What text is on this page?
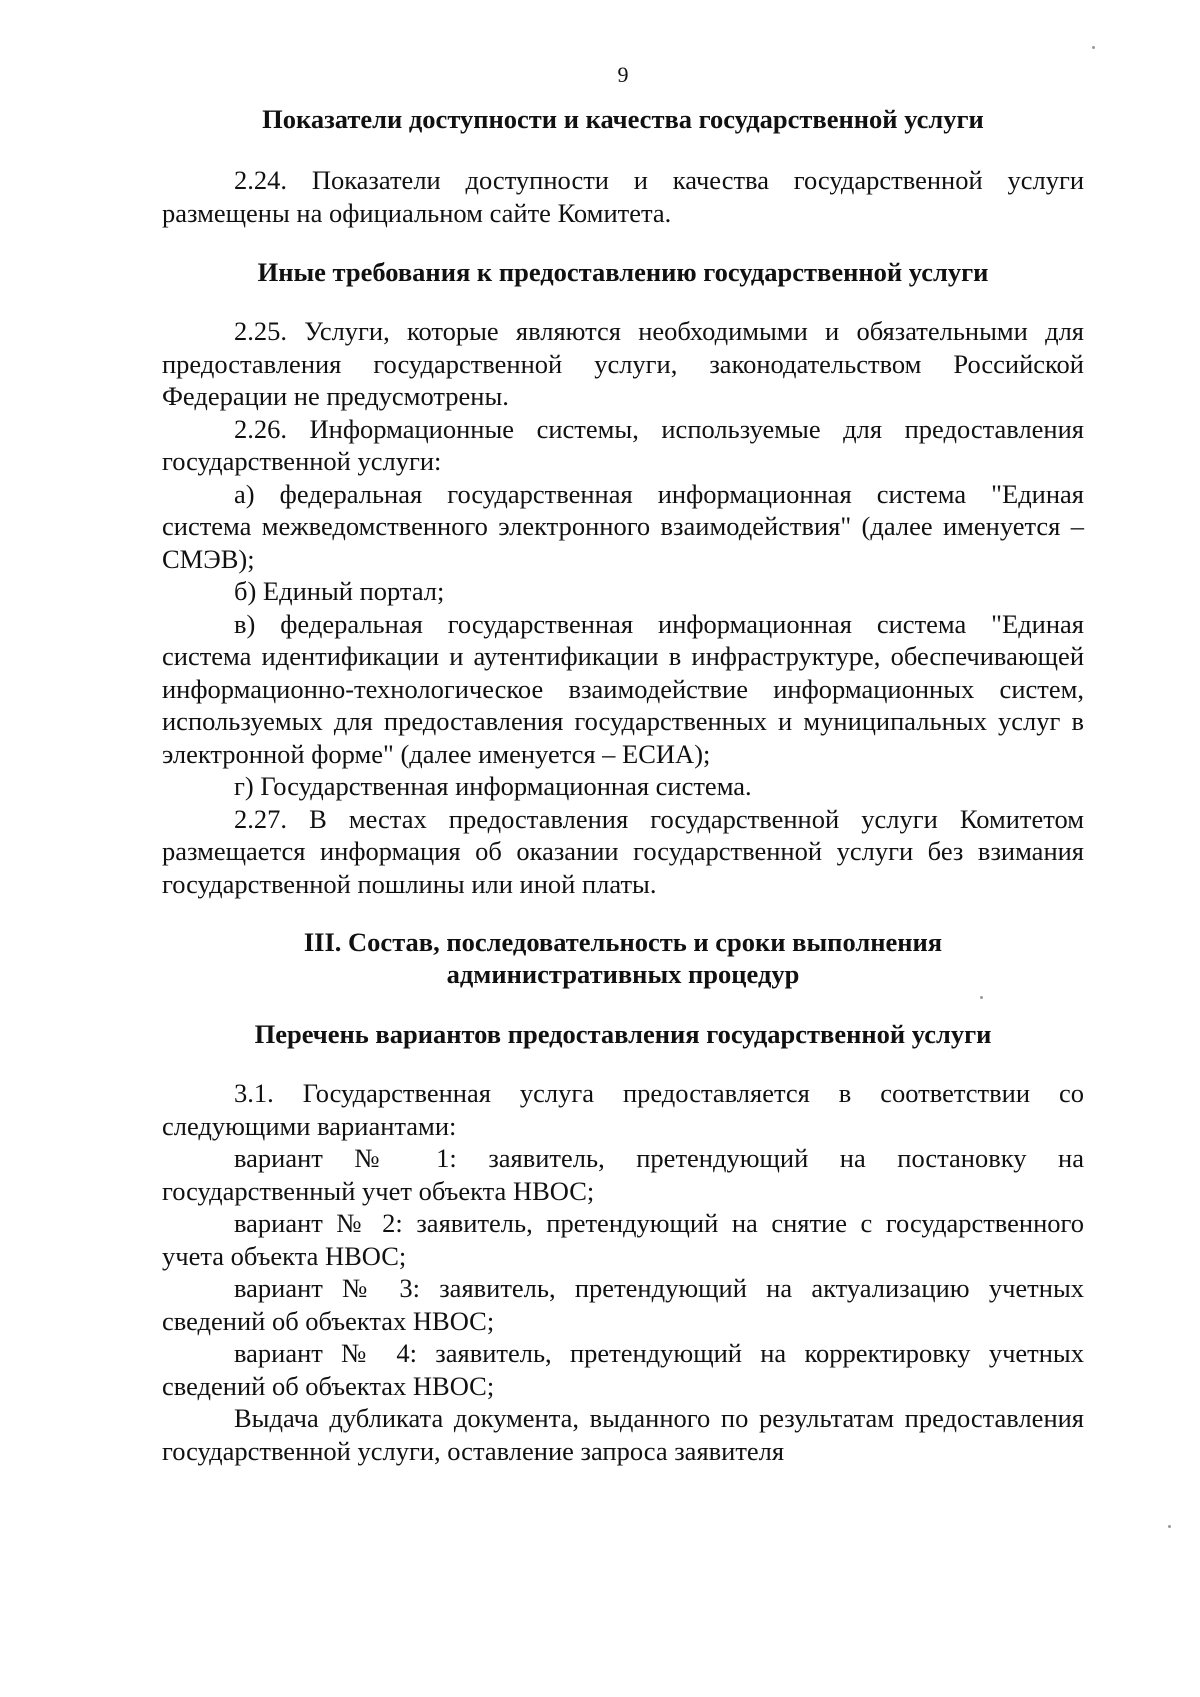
9
Показатели доступности и качества государственной услуги

2.24. Показатели доступности и качества государственной услуги размещены на официальном сайте Комитета.

Иные требования к предоставлению государственной услуги

2.25. Услуги, которые являются необходимыми и обязательными для предоставления государственной услуги, законодательством Российской Федерации не предусмотрены.

2.26. Информационные системы, используемые для предоставления государственной услуги:

а) федеральная государственная информационная система "Единая система межведомственного электронного взаимодействия" (далее именуется – СМЭВ);

б) Единый портал;

в) федеральная государственная информационная система "Единая система идентификации и аутентификации в инфраструктуре, обеспечивающей информационно-технологическое взаимодействие информационных систем, используемых для предоставления государственных и муниципальных услуг в электронной форме" (далее именуется – ЕСИА);

г) Государственная информационная система.

2.27. В местах предоставления государственной услуги Комитетом размещается информация об оказании государственной услуги без взимания государственной пошлины или иной платы.

III. Состав, последовательность и сроки выполнения
административных процедур
Перечень вариантов предоставления государственной услуги

3.1. Государственная услуга предоставляется в соответствии со следующими вариантами:

вариант № 1: заявитель, претендующий на постановку на государственный учет объекта НВОС;

вариант № 2: заявитель, претендующий на снятие с государственного учета объекта НВОС;

вариант № 3: заявитель, претендующий на актуализацию учетных сведений об объектах НВОС;

вариант № 4: заявитель, претендующий на корректировку учетных сведений об объектах НВОС;

Выдача дубликата документа, выданного по результатам предоставления государственной услуги, оставление запроса заявителя
